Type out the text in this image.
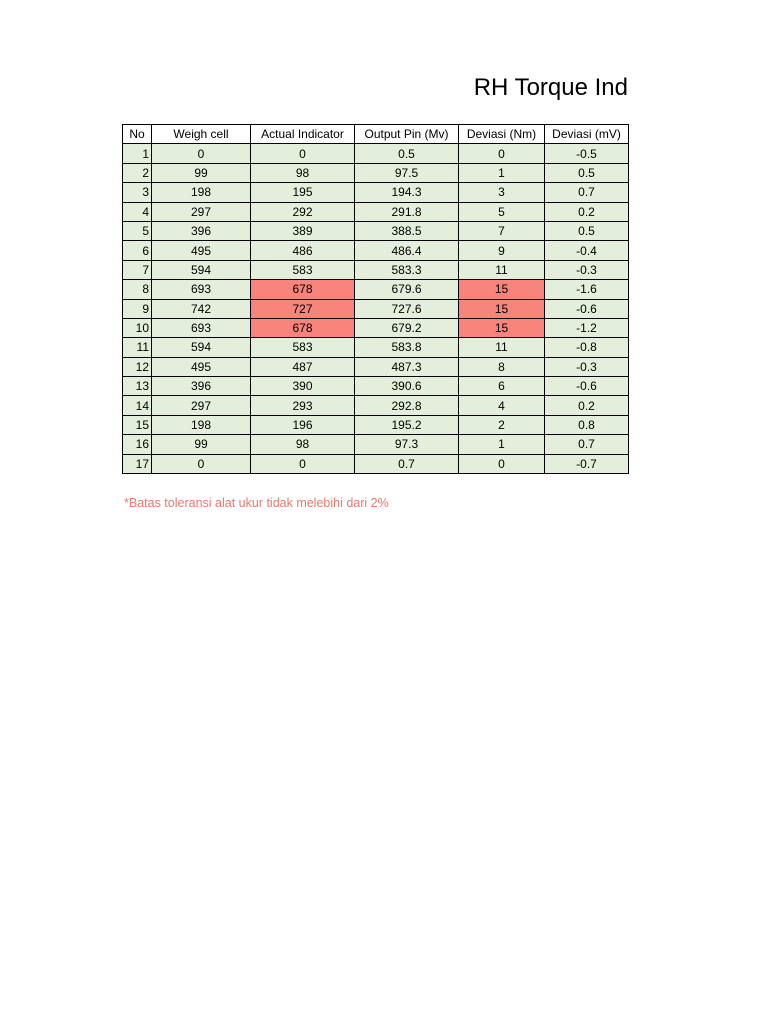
RH Torque Ind
No	Weigh cell	Actual Indicator	Output Pin (Mv)	Deviasi (Nm)	Deviasi (mV)
1	0	0	0.5	0	-0.5
2	99	98	97.5	1	0.5
3	198	195	194.3	3	0.7
4	297	292	291.8	5	0.2
5	396	389	388.5	7	0.5
6	495	486	486.4	9	-0.4
7	594	583	583.3	11	-0.3
8	693	678	679.6	15	-1.6
9	742	727	727.6	15	-0.6
10	693	678	679.2	15	-1.2
11	594	583	583.8	11	-0.8
12	495	487	487.3	8	-0.3
13	396	390	390.6	6	-0.6
14	297	293	292.8	4	0.2
15	198	196	195.2	2	0.8
16	99	98	97.3	1	0.7
17	0	0	0.7	0	-0.7
*Batas toleransi alat ukur tidak melebihi dari 2%
